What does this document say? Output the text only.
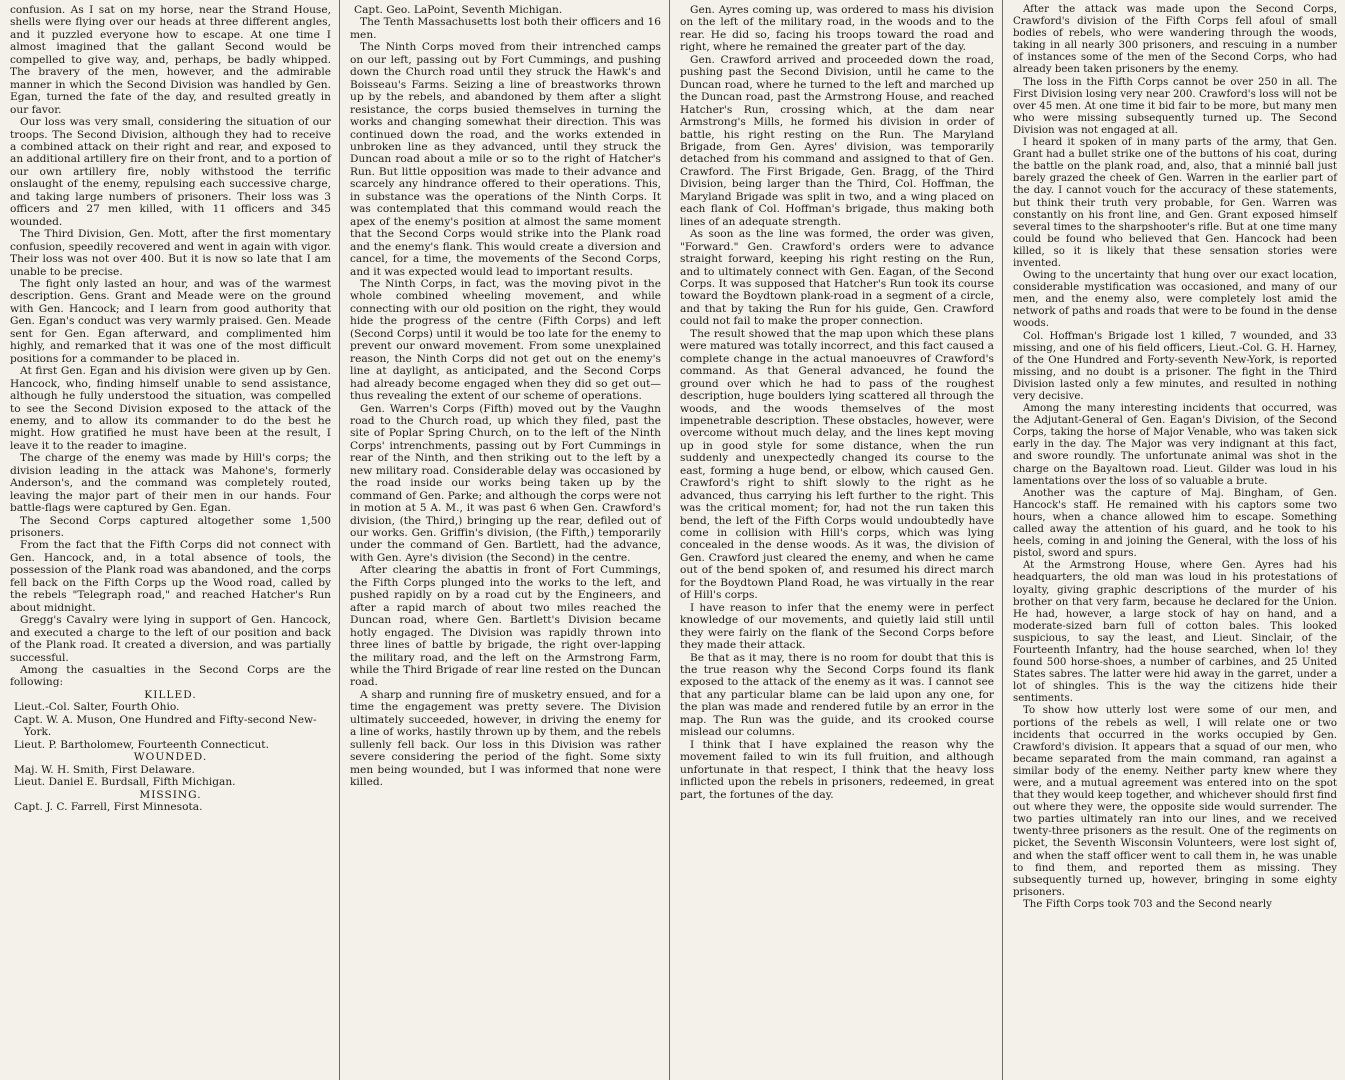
confusion. As I sat on my horse, near the Strand House, shells were flying over our heads at three different angles, and it puzzled everyone how to escape. At one time I almost imagined that the gallant Second would be compelled to give way, and, perhaps, be badly whipped. The bravery of the men, however, and the admirable manner in which the Second Division was handled by Gen. Egan, turned the fate of the day, and resulted greatly in our favor.

Our loss was very small, considering the situation of our troops. The Second Division, although they had to receive a combined attack on their right and rear, and exposed to an additional artillery fire on their front, and to a portion of our own artillery fire, nobly withstood the terrific onslaught of the enemy, repulsing each successive charge, and taking large numbers of prisoners. Their loss was 3 officers and 27 men killed, with 11 officers and 345 wounded.

The Third Division, Gen. Mott, after the first momentary confusion, speedily recovered and went in again with vigor. Their loss was not over 400. But it is now so late that I am unable to be precise.

The fight only lasted an hour, and was of the warmest description. Gens. Grant and Meade were on the ground with Gen. Hancock; and I learn from good authority that Gen. Egan's conduct was very warmly praised. Gen. Meade sent for Gen. Egan afterward, and complimented him highly, and remarked that it was one of the most difficult positions for a commander to be placed in.

At first Gen. Egan and his division were given up by Gen. Hancock, who, finding himself unable to send assistance, although he fully understood the situation, was compelled to see the Second Division exposed to the attack of the enemy, and to allow its commander to do the best he might. How gratified he must have been at the result, I leave it to the reader to imagine.

The charge of the enemy was made by Hill's corps; the division leading in the attack was Mahone's, formerly Anderson's, and the command was completely routed, leaving the major part of their men in our hands. Four battle-flags were captured by Gen. Egan.

The Second Corps captured altogether some 1,500 prisoners.

From the fact that the Fifth Corps did not connect with Gen. Hancock, and, in a total absence of tools, the possession of the Plank road was abandoned, and the corps fell back on the Fifth Corps up the Wood road, called by the rebels "Telegraph road," and reached Hatcher's Run about midnight.

Gregg's Cavalry were lying in support of Gen. Hancock, and executed a charge to the left of our position and back of the Plank road. It created a diversion, and was partially successful.

Among the casualties in the Second Corps are the following:

KILLED.
Lieut.-Col. Salter, Fourth Ohio.
Capt. W. A. Muson, One Hundred and Fifty-second New-York.
Lieut. P. Bartholomew, Fourteenth Connecticut.
WOUNDED.
Maj. W. H. Smith, First Delaware.
Lieut. Daniel E. Burdsall, Fifth Michigan.
MISSING.
Capt. J. C. Farrell, First Minnesota.
Capt. Geo. LaPoint, Seventh Michigan.

The Tenth Massachusetts lost both their officers and 16 men.

The Ninth Corps moved from their intrenched camps on our left, passing out by Fort Cummings, and pushing down the Church road until they struck the Hawk's and Boisseau's Farms. Seizing a line of breastworks thrown up by the rebels, and abandoned by them after a slight resistance, the corps busied themselves in turning the works and changing somewhat their direction. This was continued down the road, and the works extended in unbroken line as they advanced, until they struck the Duncan road about a mile or so to the right of Hatcher's Run. But little opposition was made to their advance and scarcely any hindrance offered to their operations. This, in substance was the operations of the Ninth Corps. It was contemplated that this command would reach the apex of the enemy's position at almost the same moment that the Second Corps would strike into the Plank road and the enemy's flank. This would create a diversion and cancel, for a time, the movements of the Second Corps, and it was expected would lead to important results.

The Ninth Corps, in fact, was the moving pivot in the whole combined wheeling movement, and while connecting with our old position on the right, they would hide the progress of the centre (Fifth Corps) and left (Second Corps) until it would be too late for the enemy to prevent our onward movement. From some unexplained reason, the Ninth Corps did not get out on the enemy's line at daylight, as anticipated, and the Second Corps had already become engaged when they did so get out—thus revealing the extent of our scheme of operations.

Gen. Warren's Corps (Fifth) moved out by the Vaughn road to the Church road, up which they filed, past the site of Poplar Spring Church, on to the left of the Ninth Corps' intrenchments, passing out by Fort Cummings in rear of the Ninth, and then striking out to the left by a new military road. Considerable delay was occasioned by the road inside our works being taken up by the command of Gen. Parke; and although the corps were not in motion at 5 A. M., it was past 6 when Gen. Crawford's division, (the Third,) bringing up the rear, defiled out of our works. Gen. Griffin's division, (the Fifth,) temporarily under the command of Gen. Bartlett, had the advance, with Gen. Ayre's division (the Second) in the centre.

After clearing the abattis in front of Fort Cummings, the Fifth Corps plunged into the works to the left, and pushed rapidly on by a road cut by the Engineers, and after a rapid march of about two miles reached the Duncan road, where Gen. Bartlett's Division became hotly engaged. The Division was rapidly thrown into three lines of battle by brigade, the right over-lapping the military road, and the left on the Armstrong Farm, while the Third Brigade of rear line rested on the Duncan road.

A sharp and running fire of musketry ensued, and for a time the engagement was pretty severe. The Division ultimately succeeded, however, in driving the enemy for a line of works, hastily thrown up by them, and the rebels sullenly fell back. Our loss in this Division was rather severe considering the period of the fight. Some sixty men being wounded, but I was informed that none were killed.

Gen. Ayres coming up, was ordered to mass his division on the left of the military road, in the woods and to the rear. He did so, facing his troops toward the road and right, where he remained the greater part of the day.

Gen. Crawford arrived and proceeded down the road, pushing past the Second Division, until he came to the Duncan road, where he turned to the left and marched up the Duncan road, past the Armstrong House, and reached Hatcher's Run, crossing which, at the dam near Armstrong's Mills, he formed his division in order of battle, his right resting on the Run. The Maryland Brigade, from Gen. Ayres' division, was temporarily detached from his command and assigned to that of Gen. Crawford. The First Brigade, Gen. Bragg, of the Third Division, being larger than the Third, Col. Hoffman, the Maryland Brigade was split in two, and a wing placed on each flank of Col. Hoffman's brigade, thus making both lines of an adequate strength.

As soon as the line was formed, the order was given, "Forward." Gen. Crawford's orders were to advance straight forward, keeping his right resting on the Run, and to ultimately connect with Gen. Eagan, of the Second Corps. It was supposed that Hatcher's Run took its course toward the Boydtown plank-road in a segment of a circle, and that by taking the Run for his guide, Gen. Crawford could not fail to make the proper connection.

The result showed that the map upon which these plans were matured was totally incorrect, and this fact caused a complete change in the actual manoeuvres of Crawford's command. As that General advanced, he found the ground over which he had to pass of the roughest description, huge boulders lying scattered all through the woods, and the woods themselves of the most impenetrable description. These obstacles, however, were overcome without much delay, and the lines kept moving up in good style for some distance, when the run suddenly and unexpectedly changed its course to the east, forming a huge bend, or elbow, which caused Gen. Crawford's right to shift slowly to the right as he advanced, thus carrying his left further to the right. This was the critical moment; for, had not the run taken this bend, the left of the Fifth Corps would undoubtedly have come in collision with Hill's corps, which was lying concealed in the dense woods. As it was, the division of Gen. Crawford just cleared the enemy, and when he came out of the bend spoken of, and resumed his direct march for the Boydtown Pland Road, he was virtually in the rear of Hill's corps.

I have reason to infer that the enemy were in perfect knowledge of our movements, and quietly laid still until they were fairly on the flank of the Second Corps before they made their attack.

Be that as it may, there is no room for doubt that this is the true reason why the Second Corps found its flank exposed to the attack of the enemy as it was. I cannot see that any particular blame can be laid upon any one, for the plan was made and rendered futile by an error in the map. The Run was the guide, and its crooked course mislead our columns.

I think that I have explained the reason why the movement failed to win its full fruition, and although unfortunate in that respect, I think that the heavy loss inflicted upon the rebels in prisoners, redeemed, in great part, the fortunes of the day.

After the attack was made upon the Second Corps, Crawford's division of the Fifth Corps fell afoul of small bodies of rebels, who were wandering through the woods, taking in all nearly 300 prisoners, and rescuing in a number of instances some of the men of the Second Corps, who had already been taken prisoners by the enemy.

The loss in the Fifth Corps cannot be over 250 in all. The First Division losing very near 200. Crawford's loss will not be over 45 men. At one time it bid fair to be more, but many men who were missing subsequently turned up. The Second Division was not engaged at all.

I heard it spoken of in many parts of the army, that Gen. Grant had a bullet strike one of the buttons of his coat, during the battle on the plank road, and, also, that a minnié ball just barely grazed the cheek of Gen. Warren in the earlier part of the day. I cannot vouch for the accuracy of these statements, but think their truth very probable, for Gen. Warren was constantly on his front line, and Gen. Grant exposed himself several times to the sharpshooter's rifle. But at one time many could be found who believed that Gen. Hancock had been killed, so it is likely that these sensation stories were invented.

Owing to the uncertainty that hung over our exact location, considerable mystification was occasioned, and many of our men, and the enemy also, were completely lost amid the network of paths and roads that were to be found in the dense woods.

Col. Hoffman's Brigade lost 1 killed, 7 wounded, and 33 missing, and one of his field officers, Lieut.-Col. G. H. Harney, of the One Hundred and Forty-seventh New-York, is reported missing, and no doubt is a prisoner. The fight in the Third Division lasted only a few minutes, and resulted in nothing very decisive.

Among the many interesting incidents that occurred, was the Adjutant-General of Gen. Eagan's Division, of the Second Corps, taking the horse of Major Venable, who was taken sick early in the day. The Major was very indignant at this fact, and swore roundly. The unfortunate animal was shot in the charge on the Bayaltown road. Lieut. Gilder was loud in his lamentations over the loss of so valuable a brute.

Another was the capture of Maj. Bingham, of Gen. Hancock's staff. He remained with his captors some two hours, when a chance allowed him to escape. Something called away the attention of his guard, and he took to his heels, coming in and joining the General, with the loss of his pistol, sword and spurs.

At the Armstrong House, where Gen. Ayres had his headquarters, the old man was loud in his protestations of loyalty, giving graphic descriptions of the murder of his brother on that very farm, because he declared for the Union. He had, however, a large stock of hay on hand, and a moderate-sized barn full of cotton bales. This looked suspicious, to say the least, and Lieut. Sinclair, of the Fourteenth Infantry, had the house searched, when lo! they found 500 horse-shoes, a number of carbines, and 25 United States sabres. The latter were hid away in the garret, under a lot of shingles. This is the way the citizens hide their sentiments.

To show how utterly lost were some of our men, and portions of the rebels as well, I will relate one or two incidents that occurred in the works occupied by Gen. Crawford's division. It appears that a squad of our men, who became separated from the main command, ran against a similar body of the enemy. Neither party knew where they were, and a mutual agreement was entered into on the spot that they would keep together, and whichever should first find out where they were, the opposite side would surrender. The two parties ultimately ran into our lines, and we received twenty-three prisoners as the result. One of the regiments on picket, the Seventh Wisconsin Volunteers, were lost sight of, and when the staff officer went to call them in, he was unable to find them, and reported them as missing. They subsequently turned up, however, bringing in some eighty prisoners.

The Fifth Corps took 703 and the Second nearly
